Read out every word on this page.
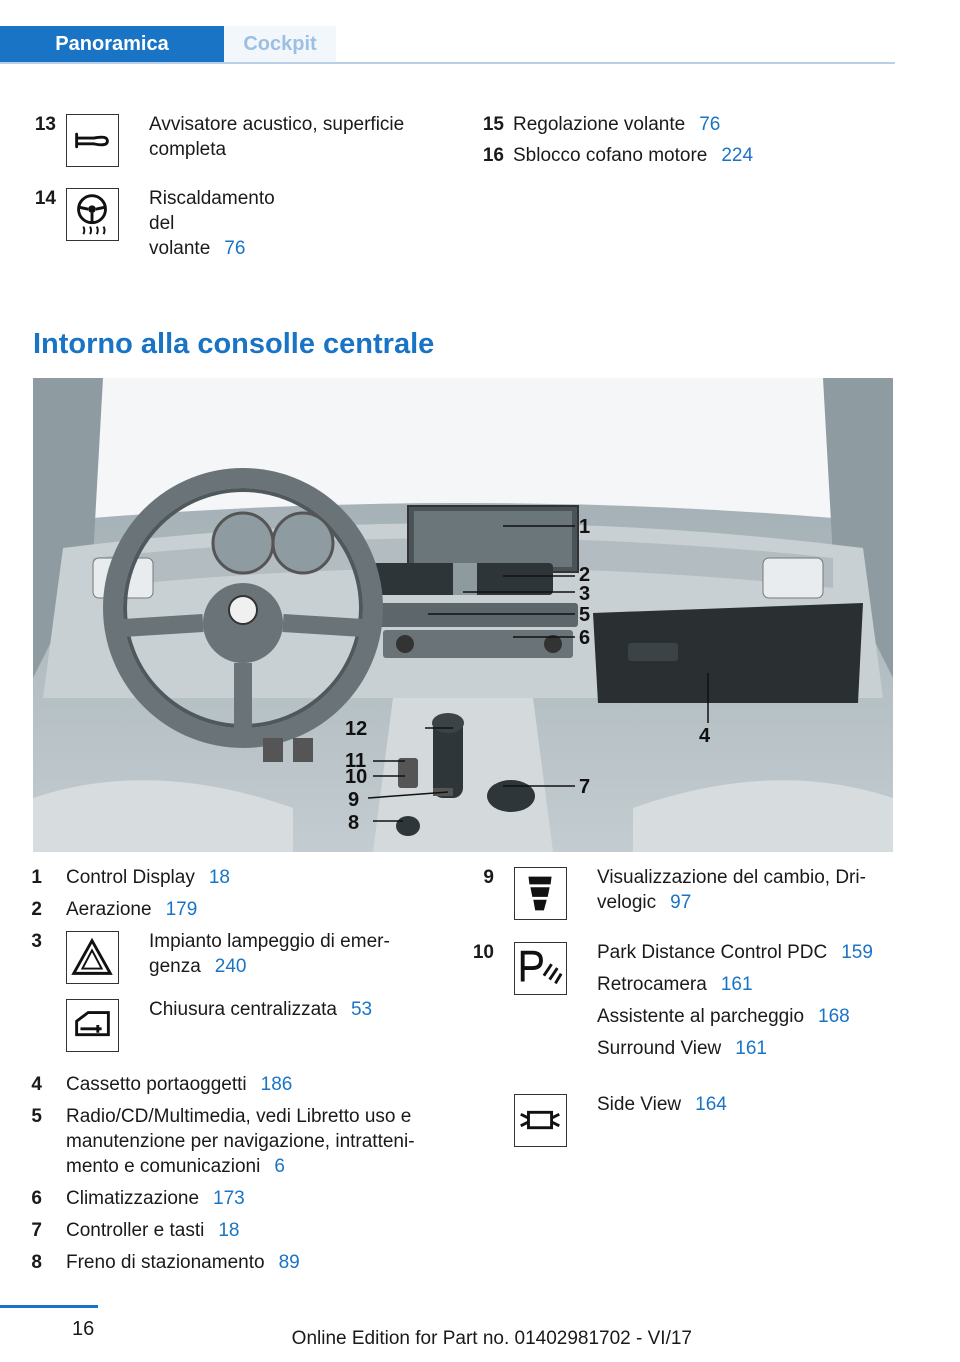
Panoramica	Cockpit
13	Avvisatore acustico, superficie
completa
14	Riscaldamento del volante 76
15 Regolazione volante 76
16 Sblocco cofano motore 224
Intorno alla consolle centrale
1
2
3
5
6
4
12
11
10
9
7
8
1 Control Display 18
2 Aerazione 179
3	Impianto lampeggio di emer-
genza 240
Chiusura centralizzata 53
4 Cassetto portaoggetti 186
5 Radio/CD/Multimedia, vedi Libretto uso e
manutenzione per navigazione, intratteni-
mento e comunicazioni 6
6 Climatizzazione 173
7 Controller e tasti 18
8 Freno di stazionamento 89
9	Visualizzazione del cambio, Dri-
velogic 97
10	Park Distance Control PDC 159
Retrocamera 161
Assistente al parcheggio 168
Surround View 161
Side View 164
16	Online Edition for Part no. 01402981702 - VI/17
